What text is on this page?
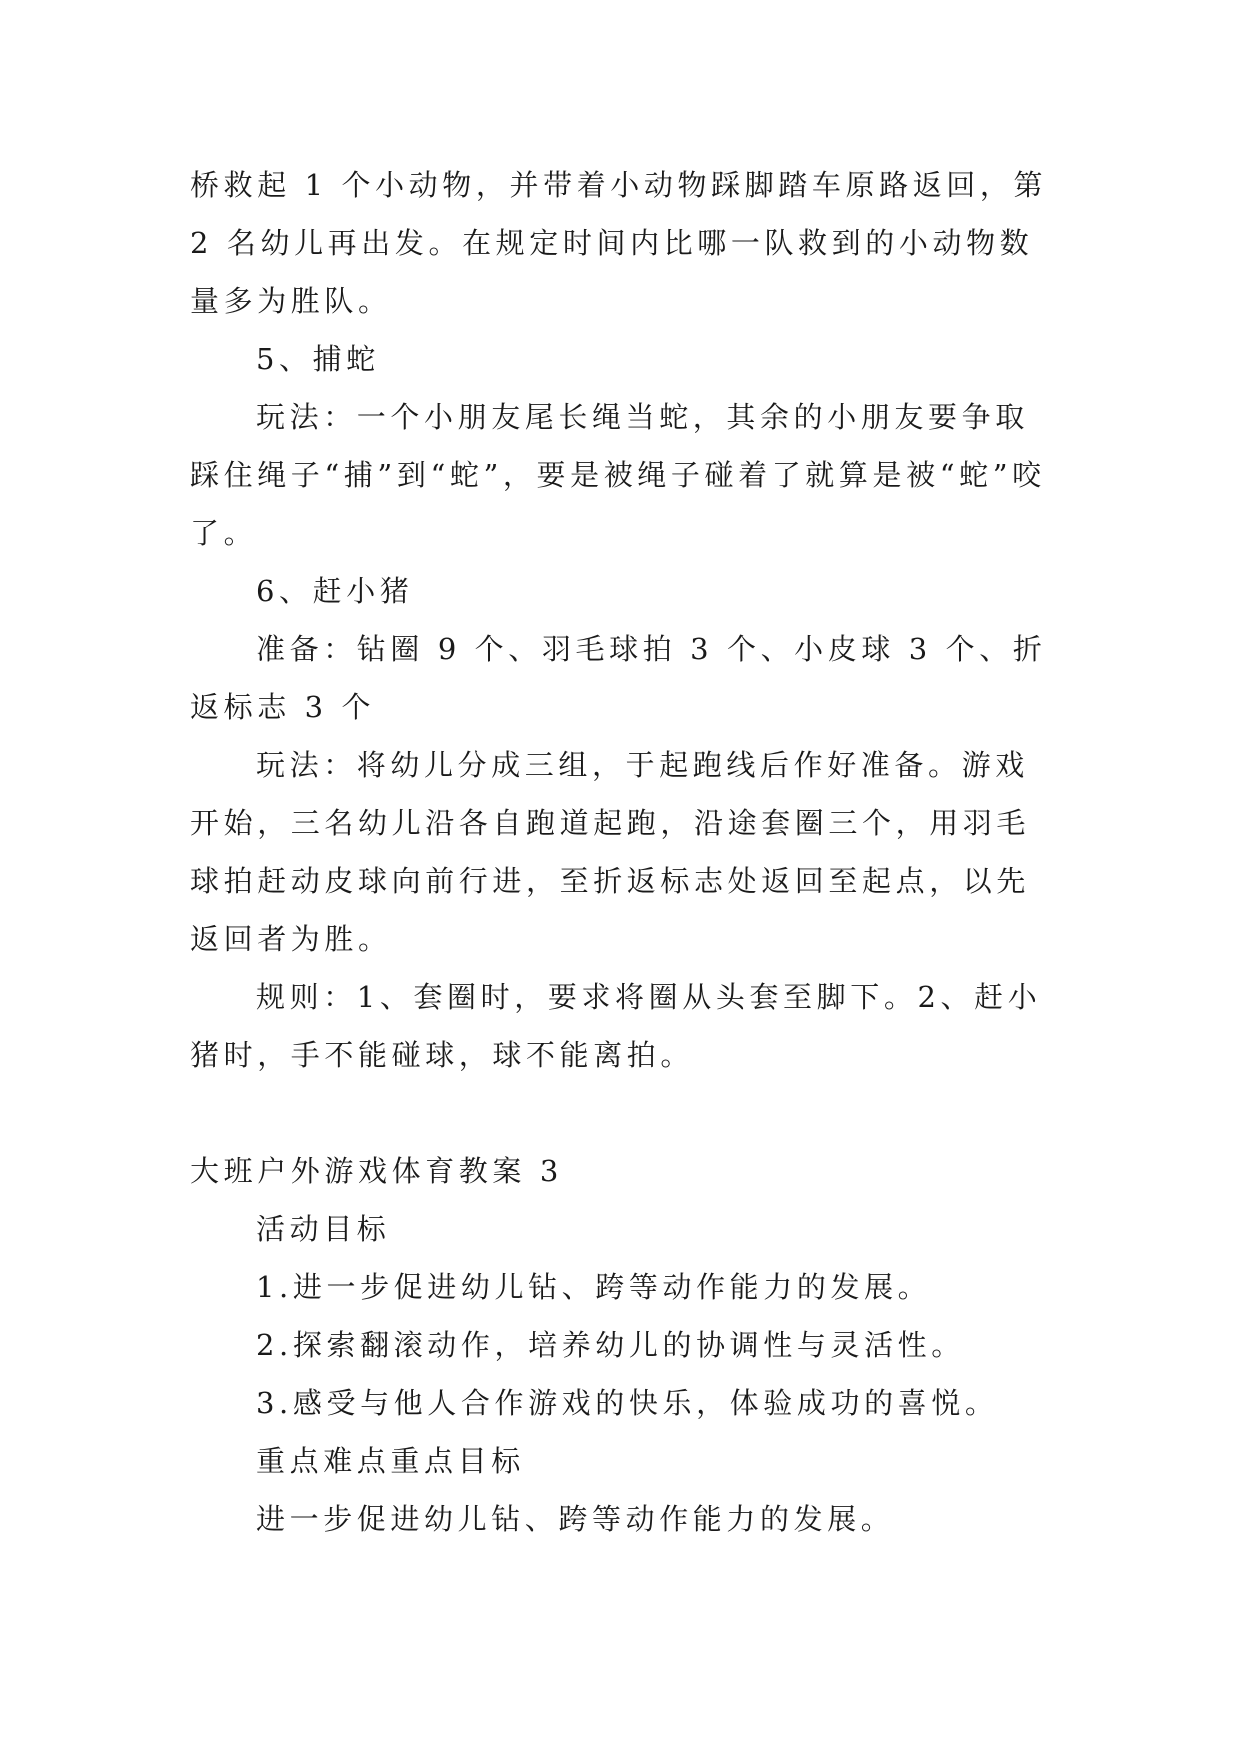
桥救起 1 个小动物，并带着小动物踩脚踏车原路返回，第 2 名幼儿再出发。在规定时间内比哪一队救到的小动物数量多为胜队。

5、捕蛇

玩法：一个小朋友尾长绳当蛇，其余的小朋友要争取踩住绳子“捕”到“蛇”，要是被绳子碰着了就算是被“蛇”咬了。

6、赶小猪

准备：钻圈 9 个、羽毛球拍 3 个、小皮球 3 个、折返标志 3 个

玩法：将幼儿分成三组，于起跑线后作好准备。游戏开始，三名幼儿沿各自跑道起跑，沿途套圈三个，用羽毛球拍赶动皮球向前行进，至折返标志处返回至起点，以先返回者为胜。

规则：1、套圈时，要求将圈从头套至脚下。2、赶小猪时，手不能碰球，球不能离拍。

大班户外游戏体育教案 3

活动目标

1.进一步促进幼儿钻、跨等动作能力的发展。

2.探索翻滚动作，培养幼儿的协调性与灵活性。

3.感受与他人合作游戏的快乐，体验成功的喜悦。

重点难点重点目标

进一步促进幼儿钻、跨等动作能力的发展。
